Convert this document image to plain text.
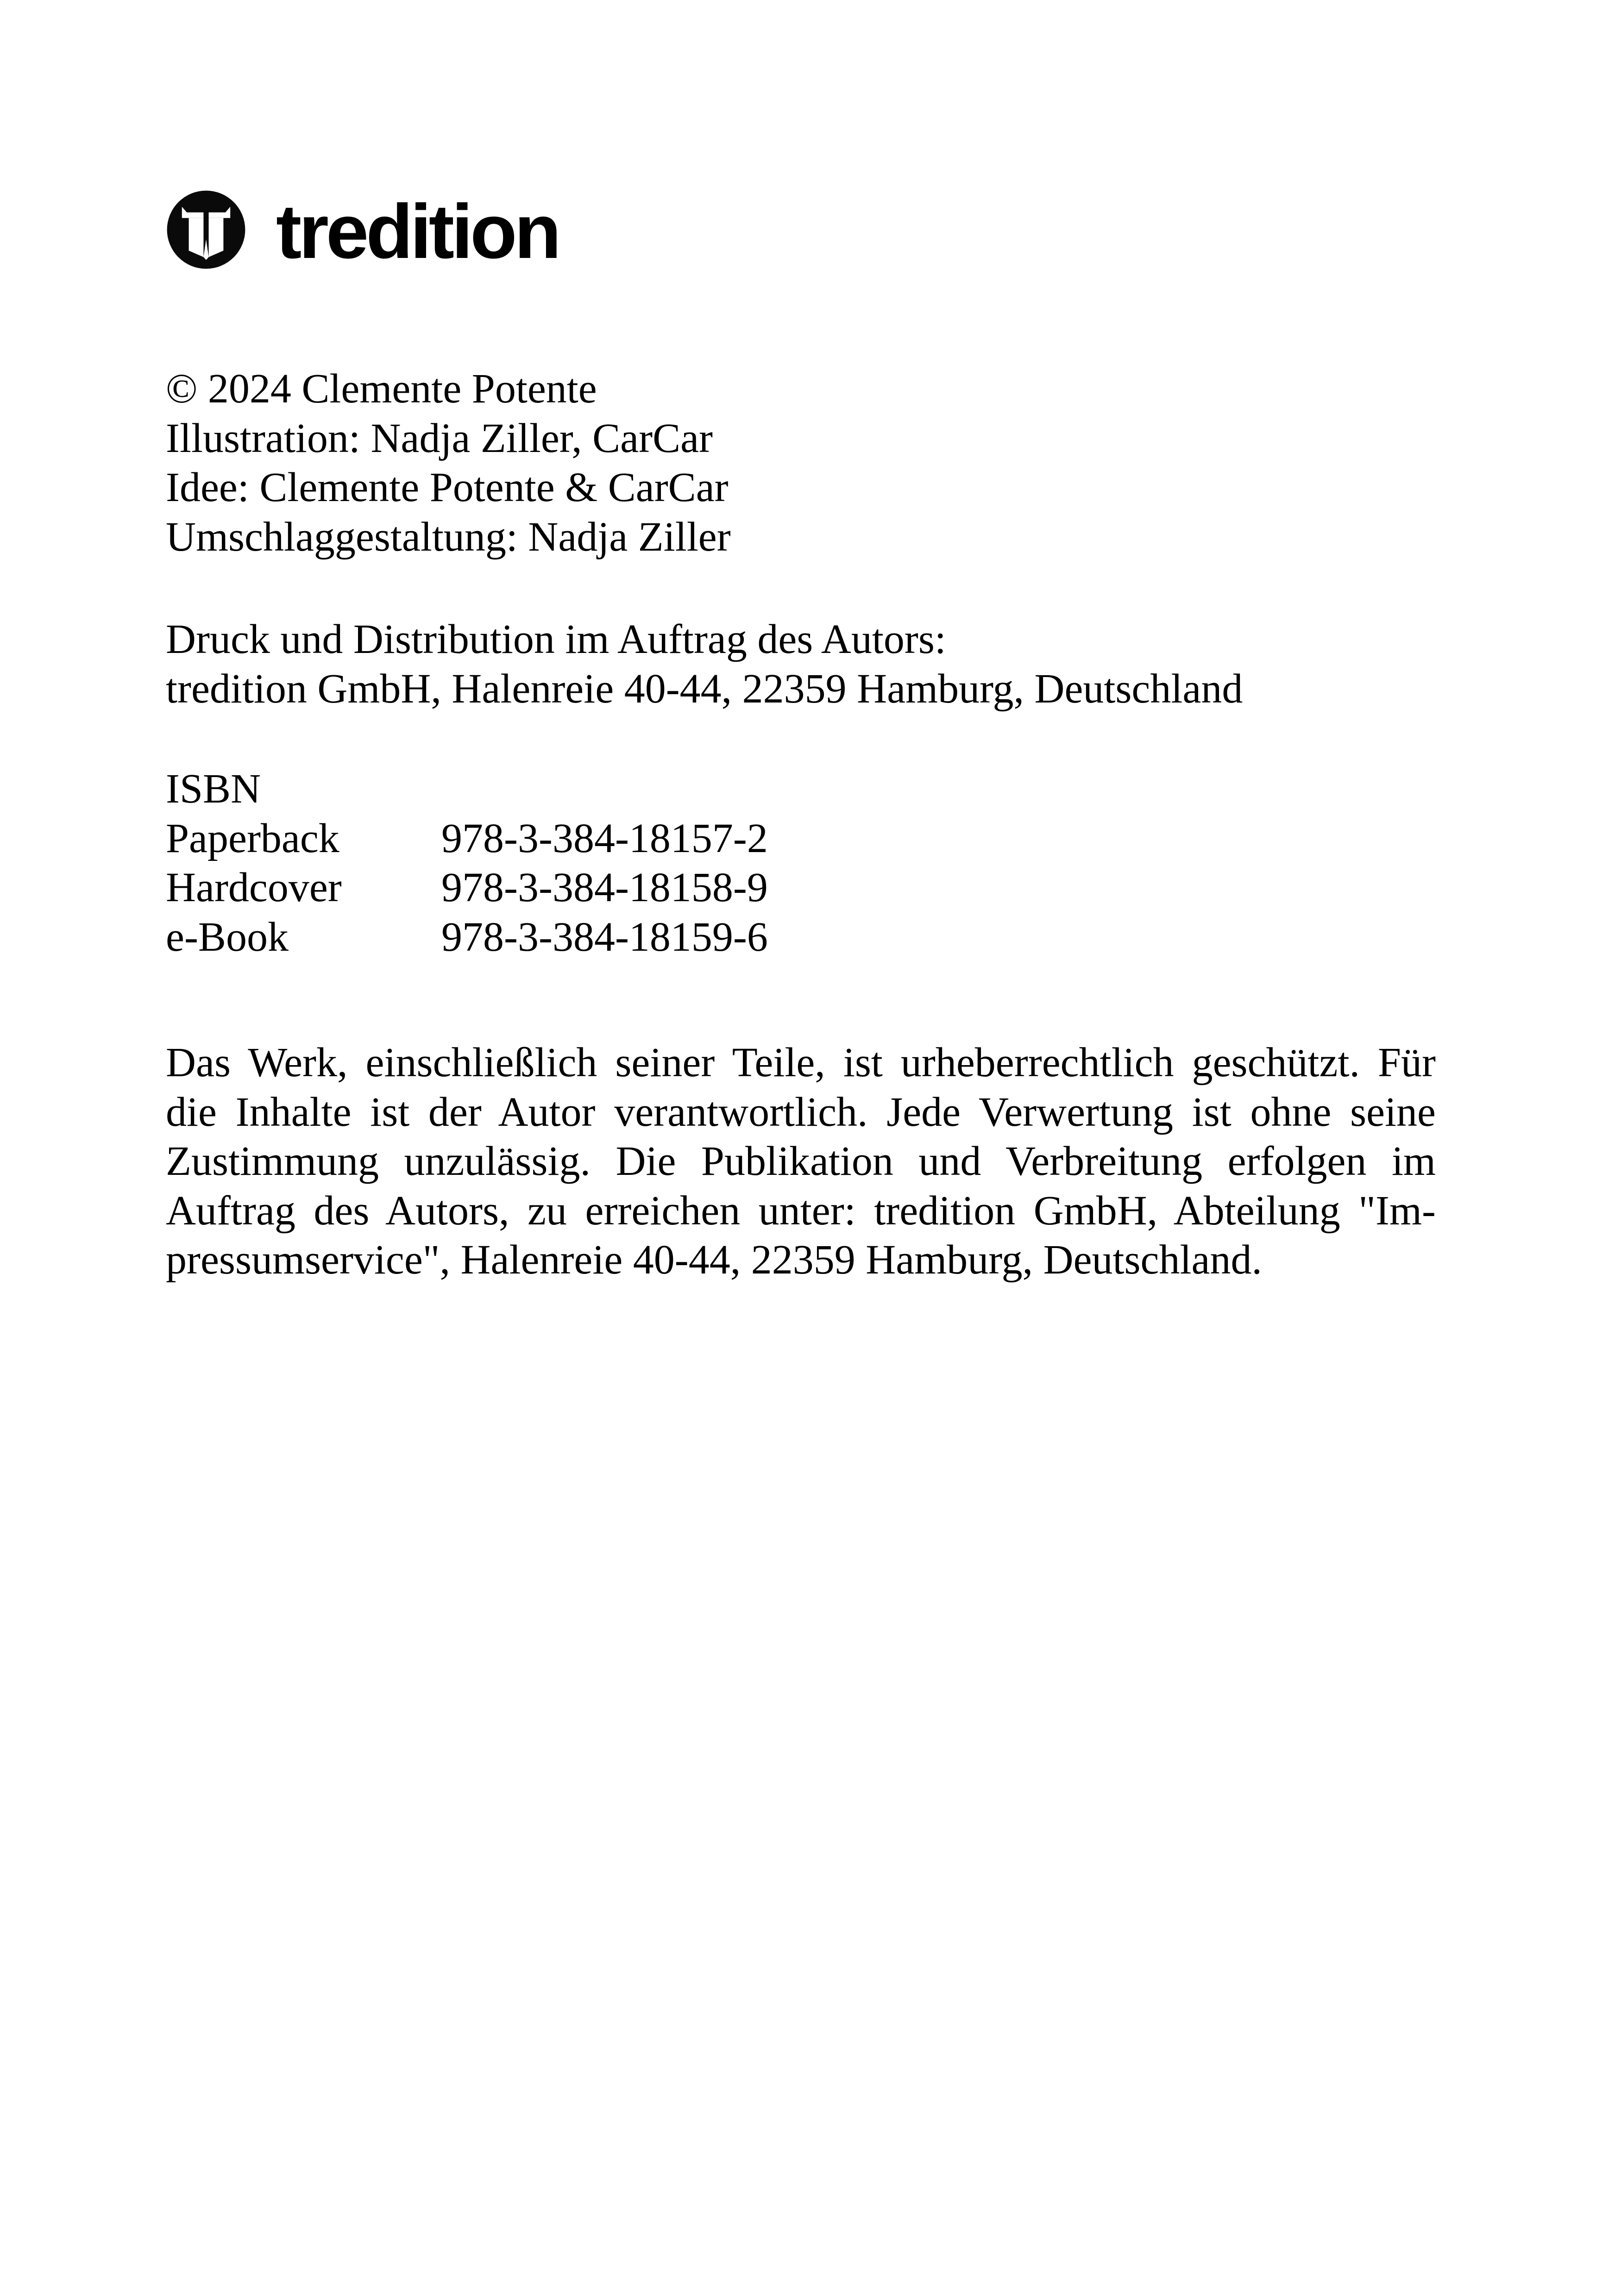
tredition
© 2024 Clemente Potente
Illustration: Nadja Ziller, CarCar
Idee: Clemente Potente & CarCar
Umschlaggestaltung: Nadja Ziller
Druck und Distribution im Auftrag des Autors:
tredition GmbH, Halenreie 40-44, 22359 Hamburg, Deutschland
ISBN
Paperback	978-3-384-18157-2
Hardcover	978-3-384-18158-9
e-Book	978-3-384-18159-6
Das Werk, einschließlich seiner Teile, ist urheberrechtlich geschützt. Für
die Inhalte ist der Autor verantwortlich. Jede Verwertung ist ohne seine
Zustimmung unzulässig. Die Publikation und Verbreitung erfolgen im
Auftrag des Autors, zu erreichen unter: tredition GmbH, Abteilung "Im-
pressumservice", Halenreie 40-44, 22359 Hamburg, Deutschland.
